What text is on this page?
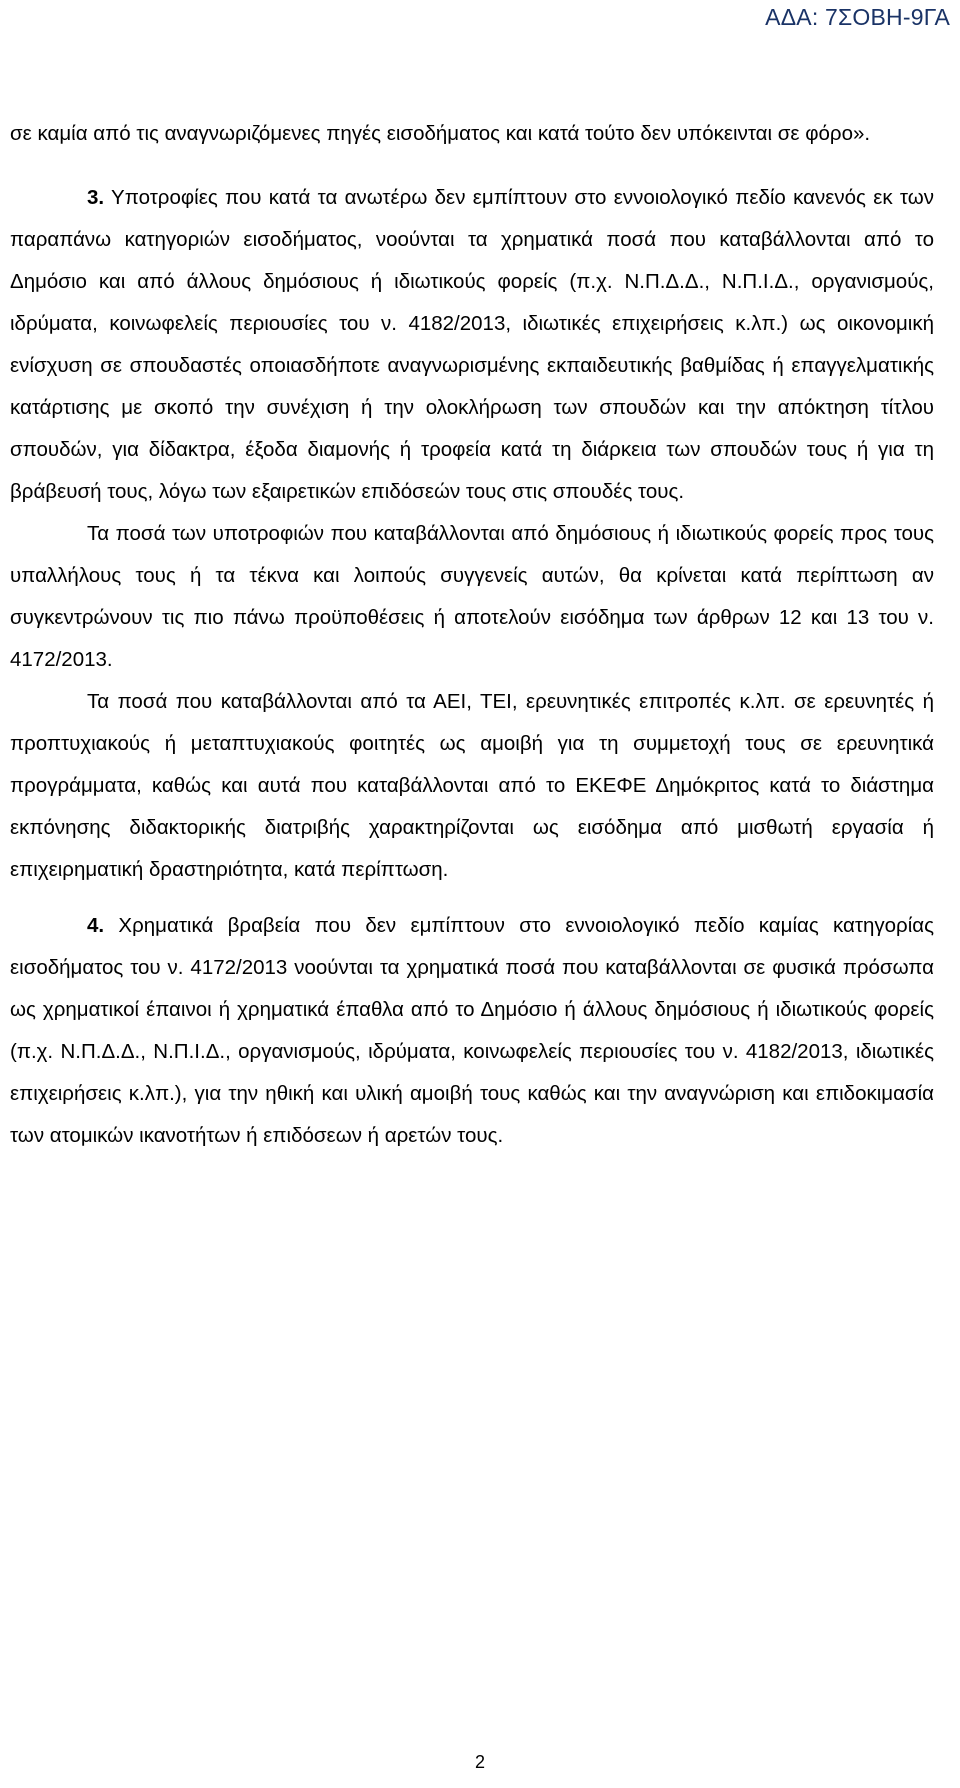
ΑΔΑ: 7ΣΟΒΗ-9ΓΑ

σε καμία από τις αναγνωριζόμενες πηγές εισοδήματος και κατά τούτο δεν υπόκεινται σε φόρο».

3. Υποτροφίες που κατά τα ανωτέρω δεν εμπίπτουν στο εννοιολογικό πεδίο κανενός εκ των παραπάνω κατηγοριών εισοδήματος, νοούνται τα χρηματικά ποσά που καταβάλλονται από το Δημόσιο και από άλλους δημόσιους ή ιδιωτικούς φορείς (π.χ. Ν.Π.Δ.Δ., Ν.Π.Ι.Δ., οργανισμούς, ιδρύματα, κοινωφελείς περιουσίες του ν. 4182/2013, ιδιωτικές επιχειρήσεις κ.λπ.) ως οικονομική ενίσχυση σε σπουδαστές οποιασδήποτε αναγνωρισμένης εκπαιδευτικής βαθμίδας ή επαγγελματικής κατάρτισης με σκοπό την συνέχιση ή την ολοκλήρωση των σπουδών και την απόκτηση τίτλου σπουδών, για δίδακτρα, έξοδα διαμονής ή τροφεία κατά τη διάρκεια των σπουδών τους ή για τη βράβευσή τους, λόγω των εξαιρετικών επιδόσεών τους στις σπουδές τους.

Τα ποσά των υποτροφιών που καταβάλλονται από δημόσιους ή ιδιωτικούς φορείς προς τους υπαλλήλους τους ή τα τέκνα και λοιπούς συγγενείς αυτών, θα κρίνεται κατά περίπτωση αν συγκεντρώνουν τις πιο πάνω προϋποθέσεις ή αποτελούν εισόδημα των άρθρων 12 και 13 του ν. 4172/2013.

Τα ποσά που καταβάλλονται από τα ΑΕΙ, ΤΕΙ, ερευνητικές επιτροπές κ.λπ. σε ερευνητές ή προπτυχιακούς ή μεταπτυχιακούς φοιτητές ως αμοιβή για τη συμμετοχή τους σε ερευνητικά προγράμματα, καθώς και αυτά που καταβάλλονται από το ΕΚΕΦΕ Δημόκριτος κατά το διάστημα εκπόνησης διδακτορικής διατριβής χαρακτηρίζονται ως εισόδημα από μισθωτή εργασία ή επιχειρηματική δραστηριότητα, κατά περίπτωση.

4. Χρηματικά βραβεία που δεν εμπίπτουν στο εννοιολογικό πεδίο καμίας κατηγορίας εισοδήματος του ν. 4172/2013 νοούνται τα χρηματικά ποσά που καταβάλλονται σε φυσικά πρόσωπα ως χρηματικοί έπαινοι ή χρηματικά έπαθλα από το Δημόσιο ή άλλους δημόσιους ή ιδιωτικούς φορείς (π.χ. Ν.Π.Δ.Δ., Ν.Π.Ι.Δ., οργανισμούς, ιδρύματα, κοινωφελείς περιουσίες του ν. 4182/2013, ιδιωτικές επιχειρήσεις κ.λπ.), για την ηθική και υλική αμοιβή τους καθώς και την αναγνώριση και επιδοκιμασία των ατομικών ικανοτήτων ή επιδόσεων ή αρετών τους.

2
